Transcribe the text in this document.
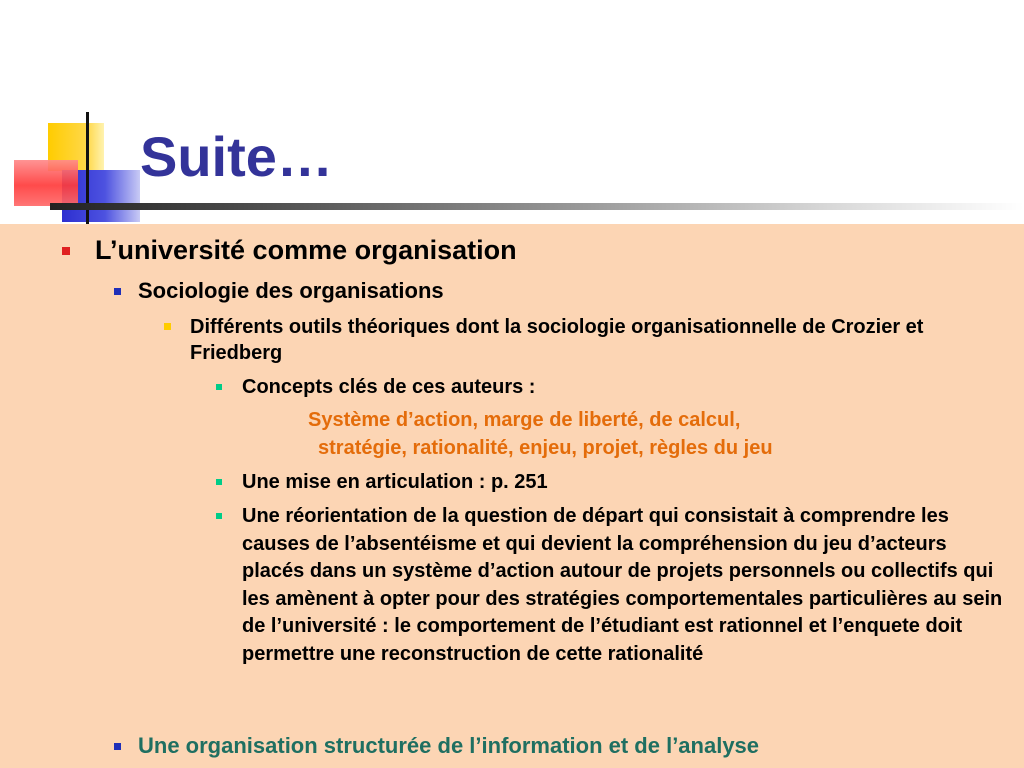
Suite…
L’université comme organisation
Sociologie des organisations
Différents outils théoriques dont la sociologie organisationnelle de Crozier et Friedberg
Concepts clés de ces auteurs :
Système d’action, marge de liberté, de calcul,
stratégie, rationalité, enjeu, projet, règles du jeu
Une mise en articulation : p. 251
Une réorientation de la question de départ qui consistait à comprendre les causes de l’absentéisme et qui devient la compréhension du jeu d’acteurs placés dans un système d’action autour de projets personnels ou collectifs qui les amènent à opter pour des stratégies comportementales particulières au sein de l’université : le comportement de l’étudiant est rationnel et l’enquete doit permettre une reconstruction de cette rationalité
Une organisation structurée de l’information et de l’analyse
